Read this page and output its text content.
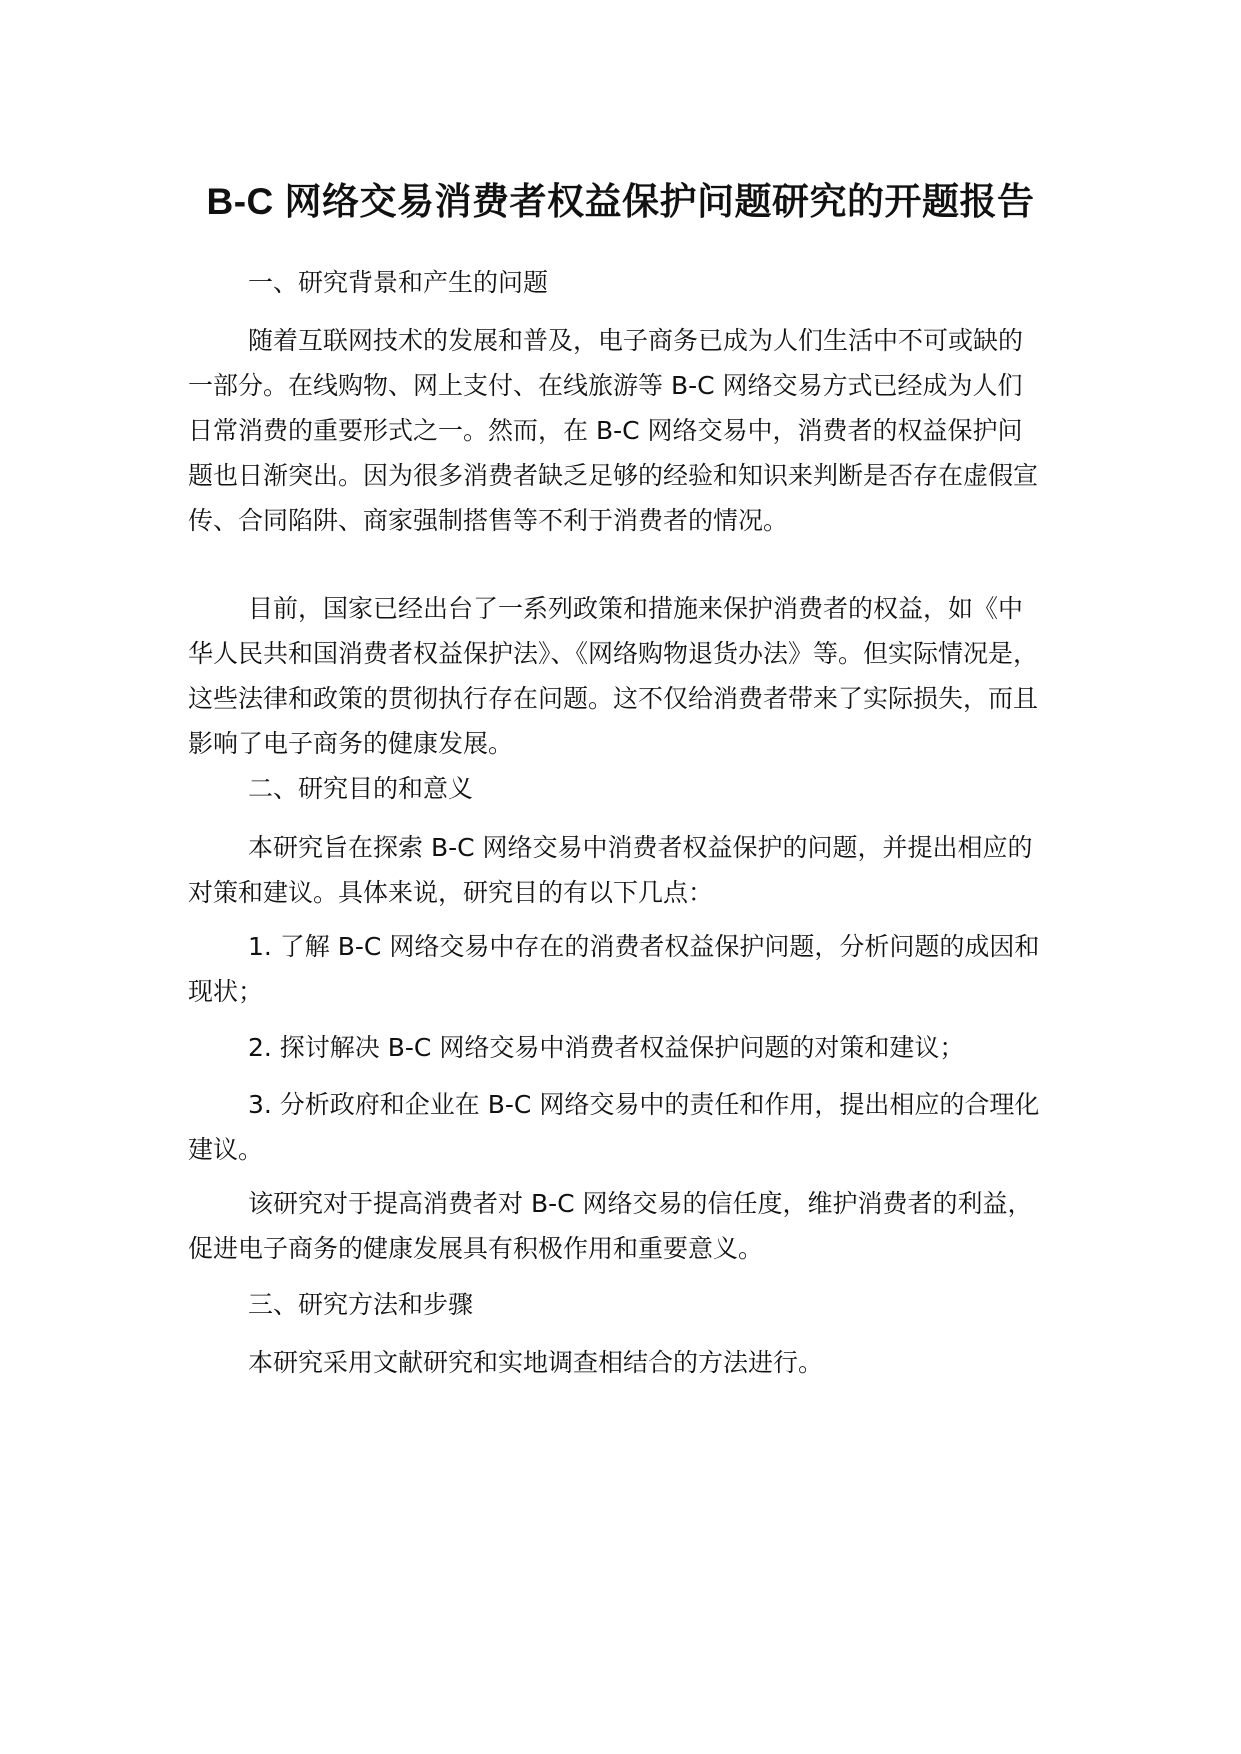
B-C 网络交易消费者权益保护问题研究的开题报告

一、研究背景和产生的问题

随着互联网技术的发展和普及，电子商务已成为人们生活中不可或缺的一部分。在线购物、网上支付、在线旅游等 B-C 网络交易方式已经成为人们日常消费的重要形式之一。然而，在 B-C 网络交易中，消费者的权益保护问题也日渐突出。因为很多消费者缺乏足够的经验和知识来判断是否存在虚假宣传、合同陷阱、商家强制搭售等不利于消费者的情况。

目前，国家已经出台了一系列政策和措施来保护消费者的权益，如《中华人民共和国消费者权益保护法》、《网络购物退货办法》等。但实际情况是，这些法律和政策的贯彻执行存在问题。这不仅给消费者带来了实际损失，而且影响了电子商务的健康发展。

二、研究目的和意义

本研究旨在探索 B-C 网络交易中消费者权益保护的问题，并提出相应的对策和建议。具体来说，研究目的有以下几点：

1. 了解 B-C 网络交易中存在的消费者权益保护问题，分析问题的成因和现状；

2. 探讨解决 B-C 网络交易中消费者权益保护问题的对策和建议；

3. 分析政府和企业在 B-C 网络交易中的责任和作用，提出相应的合理化建议。

该研究对于提高消费者对 B-C 网络交易的信任度，维护消费者的利益，促进电子商务的健康发展具有积极作用和重要意义。

三、研究方法和步骤

本研究采用文献研究和实地调查相结合的方法进行。
